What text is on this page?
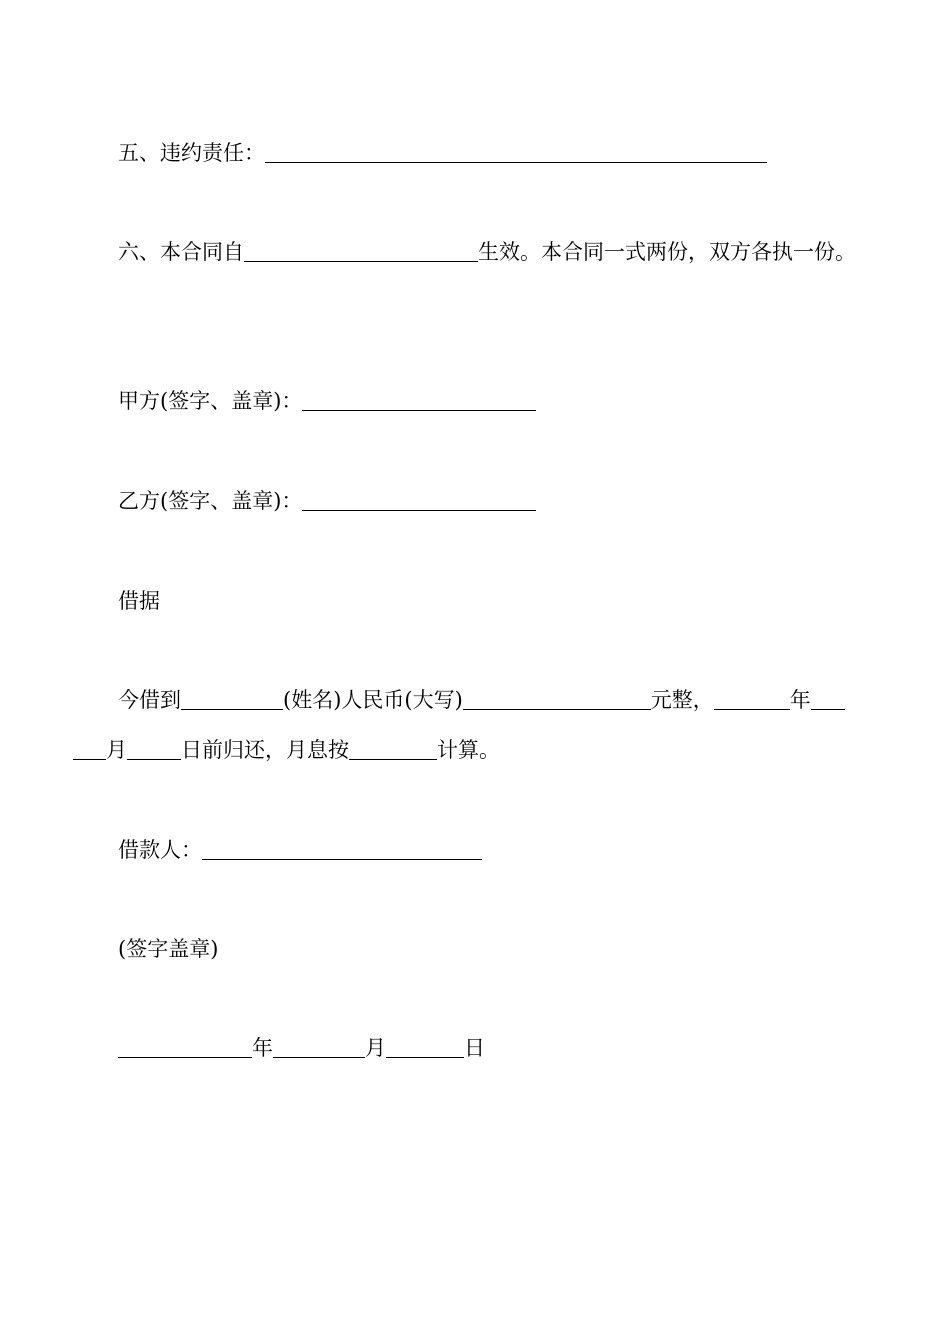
五、违约责任：
六、本合同自	生效。本合同一式两份，双方各执一份。
甲方(签字、盖章)：
乙方(签字、盖章)：
借据
今借到	(姓名)人民币(大写)	元整，	年
月	日前归还，月息按	计算。
借款人：
(签字盖章)
年	月	日
